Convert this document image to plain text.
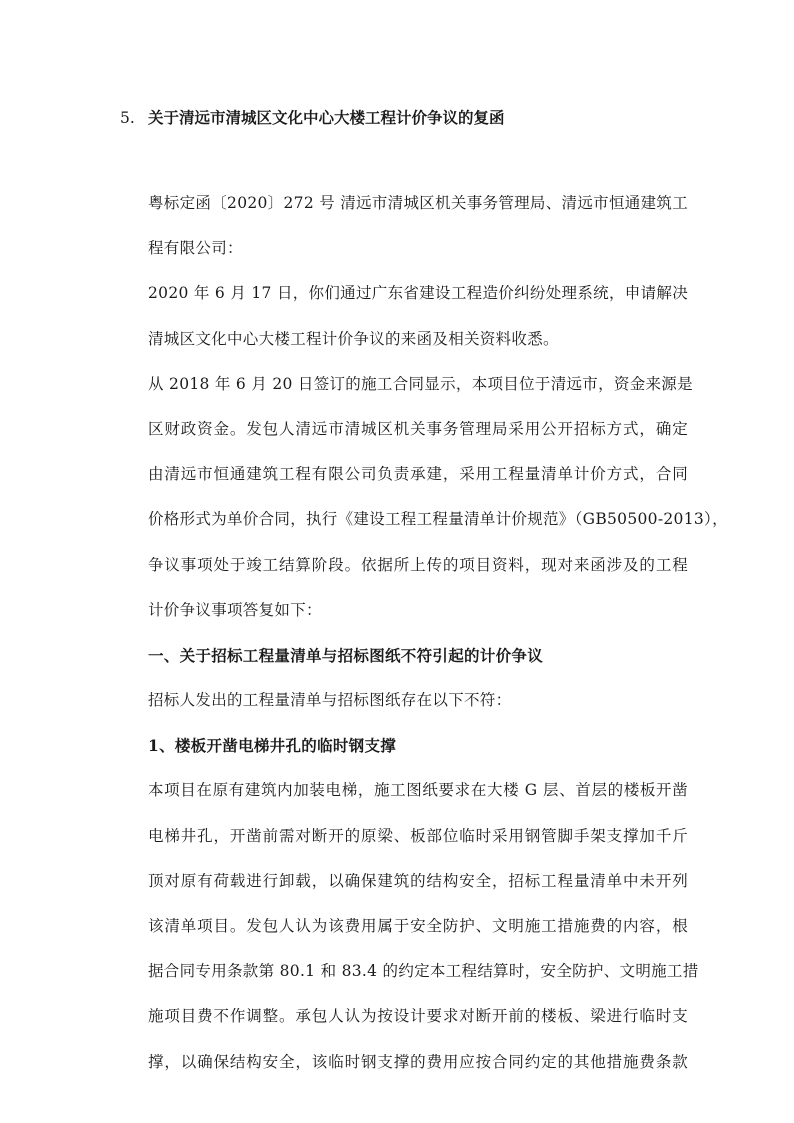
5. 关于清远市清城区文化中心大楼工程计价争议的复函
粤标定函〔2020〕272 号 清远市清城区机关事务管理局、清远市恒通建筑工
程有限公司：
2020 年 6 月 17 日，你们通过广东省建设工程造价纠纷处理系统，申请解决
清城区文化中心大楼工程计价争议的来函及相关资料收悉。
从 2018 年 6 月 20 日签订的施工合同显示，本项目位于清远市，资金来源是
区财政资金。发包人清远市清城区机关事务管理局采用公开招标方式，确定
由清远市恒通建筑工程有限公司负责承建，采用工程量清单计价方式，合同
价格形式为单价合同，执行《建设工程工程量清单计价规范》（GB50500-2013），
争议事项处于竣工结算阶段。依据所上传的项目资料，现对来函涉及的工程
计价争议事项答复如下：
一、关于招标工程量清单与招标图纸不符引起的计价争议
招标人发出的工程量清单与招标图纸存在以下不符：
1、楼板开凿电梯井孔的临时钢支撑
本项目在原有建筑内加装电梯，施工图纸要求在大楼 G 层、首层的楼板开凿
电梯井孔，开凿前需对断开的原梁、板部位临时采用钢管脚手架支撑加千斤
顶对原有荷载进行卸载，以确保建筑的结构安全，招标工程量清单中未开列
该清单项目。发包人认为该费用属于安全防护、文明施工措施费的内容，根
据合同专用条款第 80.1 和 83.4 的约定本工程结算时，安全防护、文明施工措
施项目费不作调整。承包人认为按设计要求对断开前的楼板、梁进行临时支
撑，以确保结构安全，该临时钢支撑的费用应按合同约定的其他措施费条款
